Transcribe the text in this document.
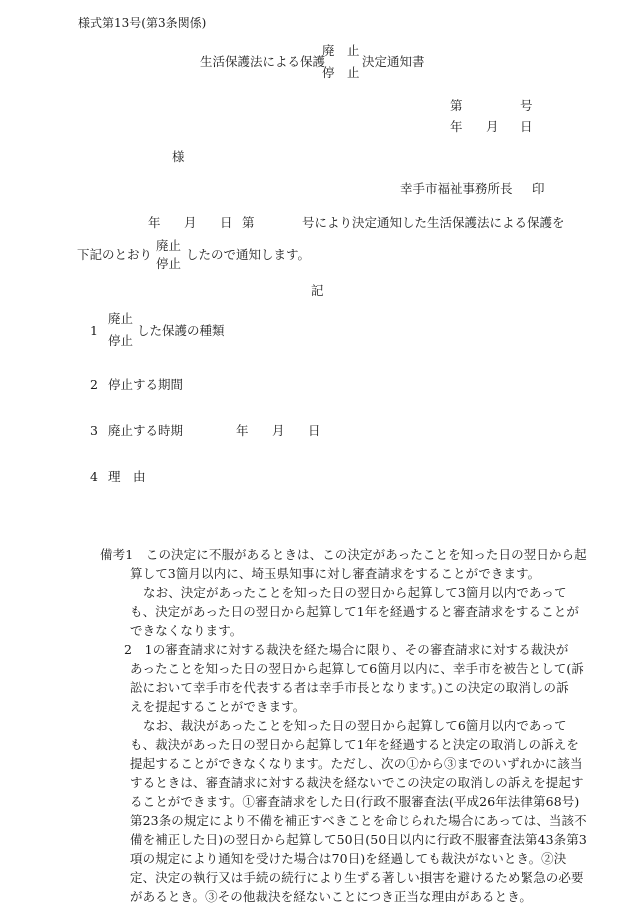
様式第13号(第3条関係)
生活保護法による保護
廃　止
停　止
決定通知書
第	号
年 月 日
様
幸手市福祉事務所長 印
年 月 日 第	号により決定通知した生活保護法による保護を
下記のとおり
廃止
停止
したので通知します。
記
1
廃止
停止
した保護の種類
2 停止する期間
3 廃止する時期	年 月 日
4 理　由
備考1　この決定に不服があるときは、この決定があったことを知った日の翌日から起
算して3箇月以内に、埼玉県知事に対し審査請求をすることができます。
なお、決定があったことを知った日の翌日から起算して3箇月以内であって
も、決定があった日の翌日から起算して1年を経過すると審査請求をすることが
できなくなります。
2　1の審査請求に対する裁決を経た場合に限り、その審査請求に対する裁決が
あったことを知った日の翌日から起算して6箇月以内に、幸手市を被告として(訴
訟において幸手市を代表する者は幸手市長となります。)この決定の取消しの訴
えを提起することができます。
なお、裁決があったことを知った日の翌日から起算して6箇月以内であって
も、裁決があった日の翌日から起算して1年を経過すると決定の取消しの訴えを
提起することができなくなります。ただし、次の①から③までのいずれかに該当
するときは、審査請求に対する裁決を経ないでこの決定の取消しの訴えを提起す
ることができます。①審査請求をした日(行政不服審査法(平成26年法律第68号)
第23条の規定により不備を補正すべきことを命じられた場合にあっては、当該不
備を補正した日)の翌日から起算して50日(50日以内に行政不服審査法第43条第3
項の規定により通知を受けた場合は70日)を経過しても裁決がないとき。②決
定、決定の執行又は手続の続行により生ずる著しい損害を避けるため緊急の必要
があるとき。③その他裁決を経ないことにつき正当な理由があるとき。
